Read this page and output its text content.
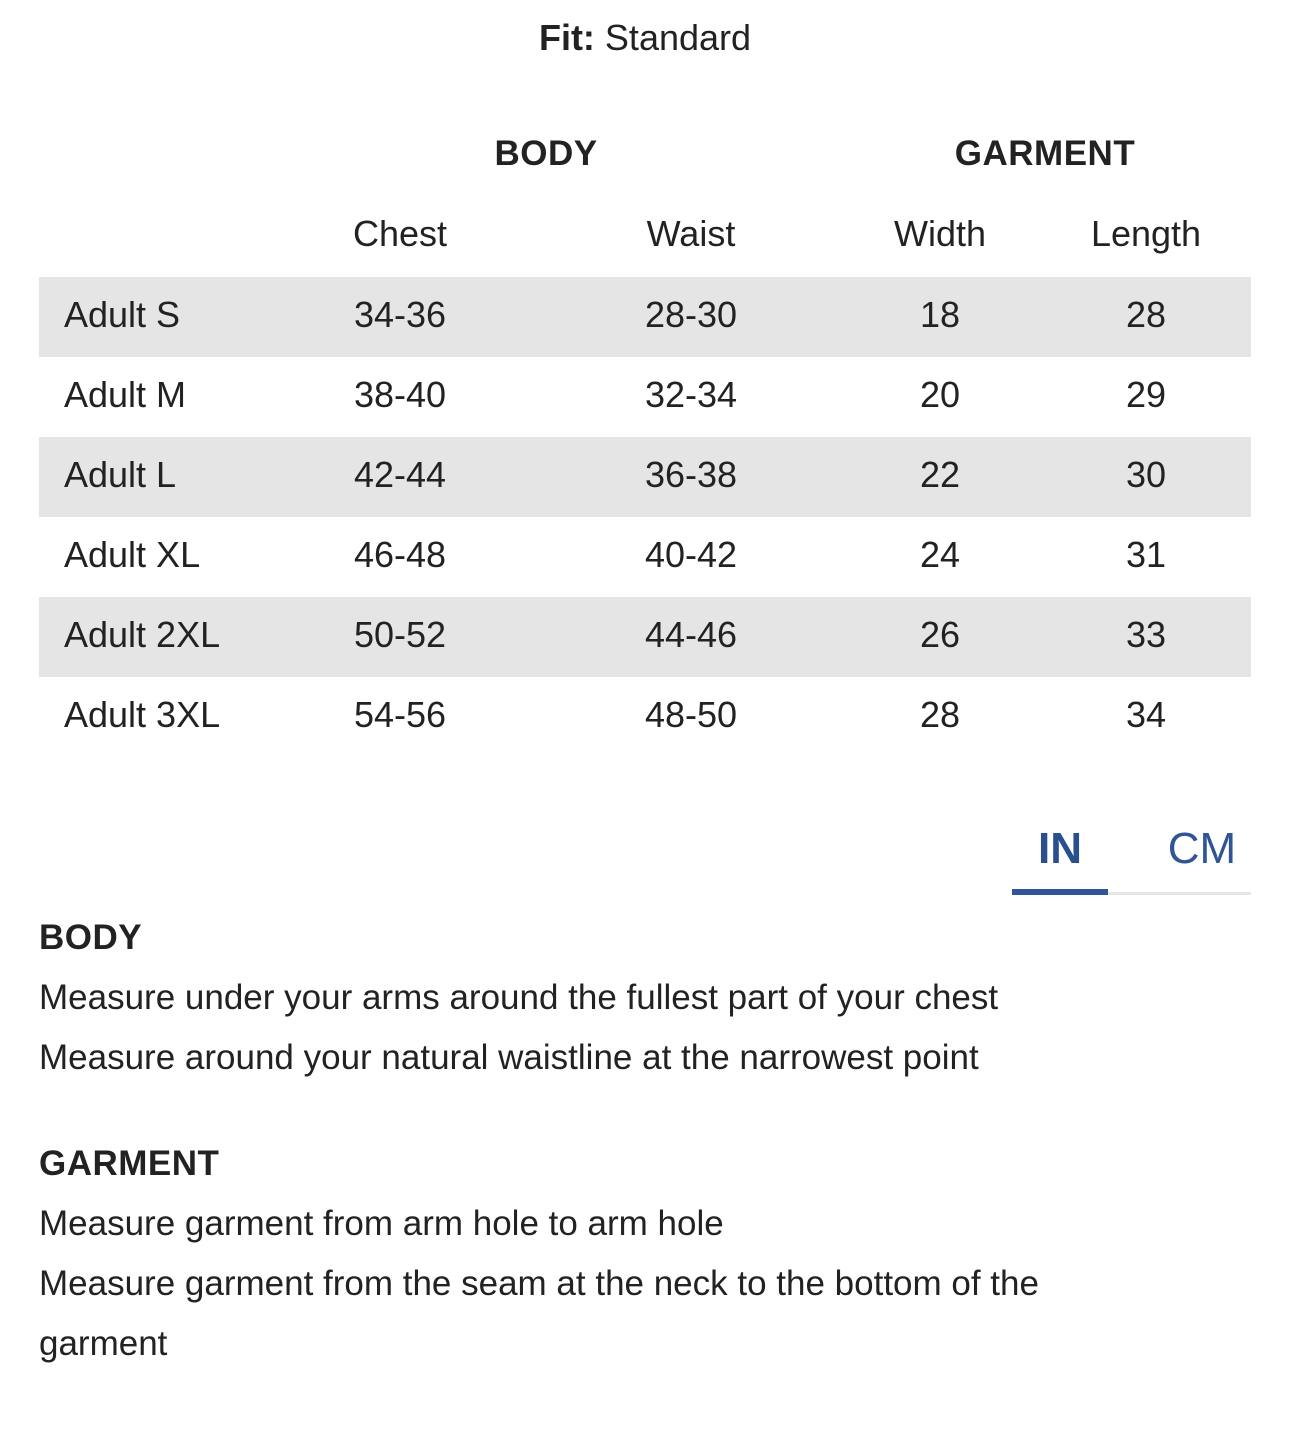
Fit: Standard
BODY	GARMENT
Chest	Waist	Width	Length
Adult S	34-36	28-30	18	28
Adult M	38-40	32-34	20	29
Adult L	42-44	36-38	22	30
Adult XL	46-48	40-42	24	31
Adult 2XL	50-52	44-46	26	33
Adult 3XL	54-56	48-50	28	34
IN	CM
BODY
Measure under your arms around the fullest part of your chest
Measure around your natural waistline at the narrowest point
GARMENT
Measure garment from arm hole to arm hole
Measure garment from the seam at the neck to the bottom of the
garment
